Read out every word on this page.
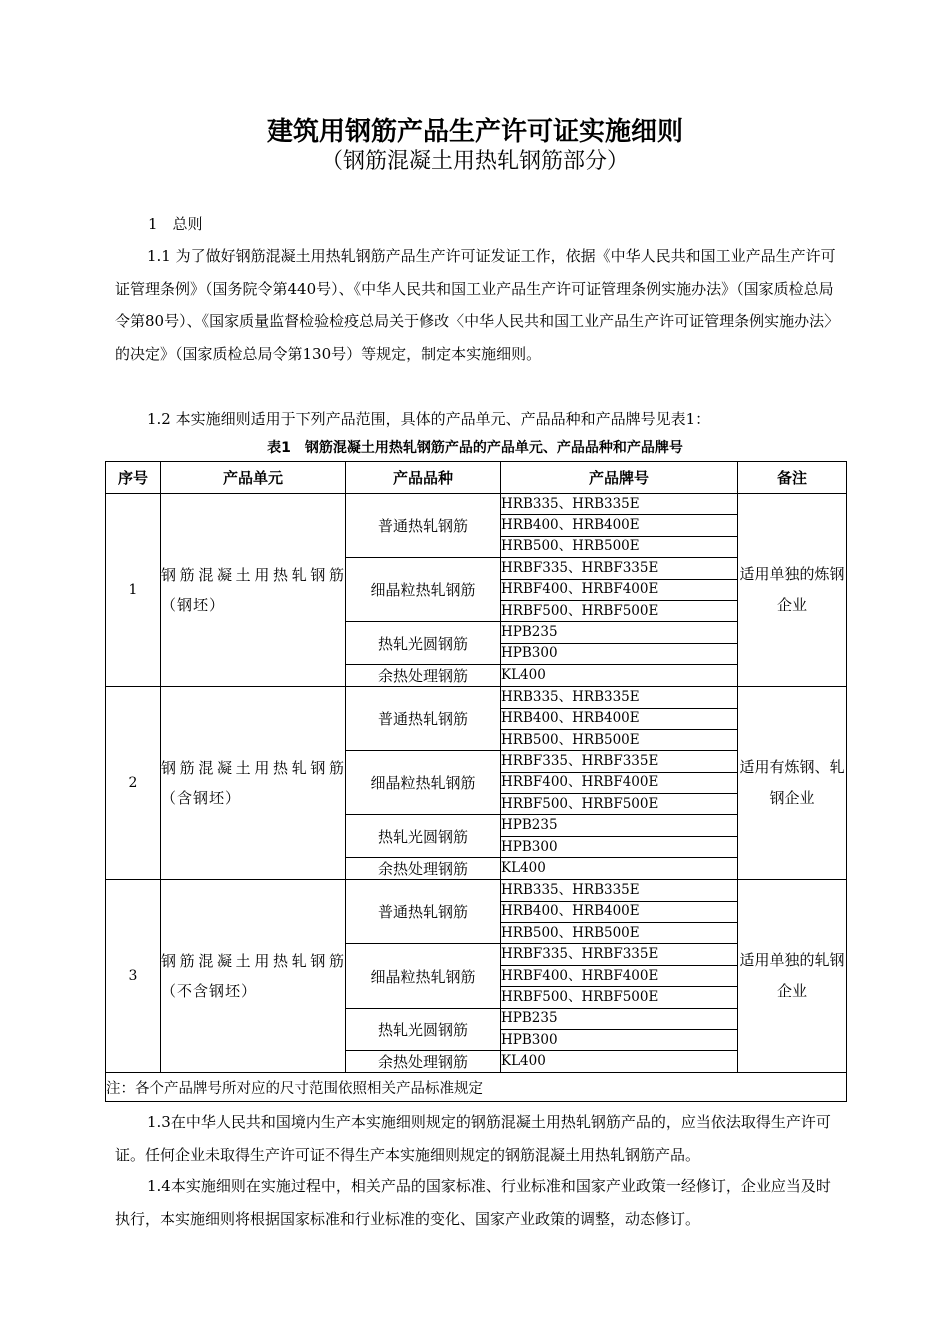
建筑用钢筋产品生产许可证实施细则
（钢筋混凝土用热轧钢筋部分）
1　总则
1.1 为了做好钢筋混凝土用热轧钢筋产品生产许可证发证工作，依据《中华人民共和国工业产品生产许可证管理条例》（国务院令第440号）、《中华人民共和国工业产品生产许可证管理条例实施办法》（国家质检总局令第80号）、《国家质量监督检验检疫总局关于修改〈中华人民共和国工业产品生产许可证管理条例实施办法〉的决定》（国家质检总局令第130号）等规定，制定本实施细则。
1.2 本实施细则适用于下列产品范围，具体的产品单元、产品品种和产品牌号见表1：
表1　钢筋混凝土用热轧钢筋产品的产品单元、产品品种和产品牌号
序号	产品单元	产品品种	产品牌号	备注
1	钢筋混凝土用热轧钢筋（钢坯）	普通热轧钢筋	HRB335、HRB335E	适用单独的炼钢企业
			HRB400、HRB400E	
			HRB500、HRB500E	
		细晶粒热轧钢筋	HRBF335、HRBF335E	
			HRBF400、HRBF400E	
			HRBF500、HRBF500E	
		热轧光圆钢筋	HPB235	
			HPB300	
		余热处理钢筋	KL400	
2	钢筋混凝土用热轧钢筋（含钢坯）	普通热轧钢筋	HRB335、HRB335E	适用有炼钢、轧钢企业
			HRB400、HRB400E	
			HRB500、HRB500E	
		细晶粒热轧钢筋	HRBF335、HRBF335E	
			HRBF400、HRBF400E	
			HRBF500、HRBF500E	
		热轧光圆钢筋	HPB235	
			HPB300	
		余热处理钢筋	KL400	
3	钢筋混凝土用热轧钢筋（不含钢坯）	普通热轧钢筋	HRB335、HRB335E	适用单独的轧钢企业
			HRB400、HRB400E	
			HRB500、HRB500E	
		细晶粒热轧钢筋	HRBF335、HRBF335E	
			HRBF400、HRBF400E	
			HRBF500、HRBF500E	
		热轧光圆钢筋	HPB235	
			HPB300	
		余热处理钢筋	KL400	
注：各个产品牌号所对应的尺寸范围依照相关产品标准规定				
1.3在中华人民共和国境内生产本实施细则规定的钢筋混凝土用热轧钢筋产品的，应当依法取得生产许可证。任何企业未取得生产许可证不得生产本实施细则规定的钢筋混凝土用热轧钢筋产品。
1.4本实施细则在实施过程中，相关产品的国家标准、行业标准和国家产业政策一经修订，企业应当及时执行，本实施细则将根据国家标准和行业标准的变化、国家产业政策的调整，动态修订。
